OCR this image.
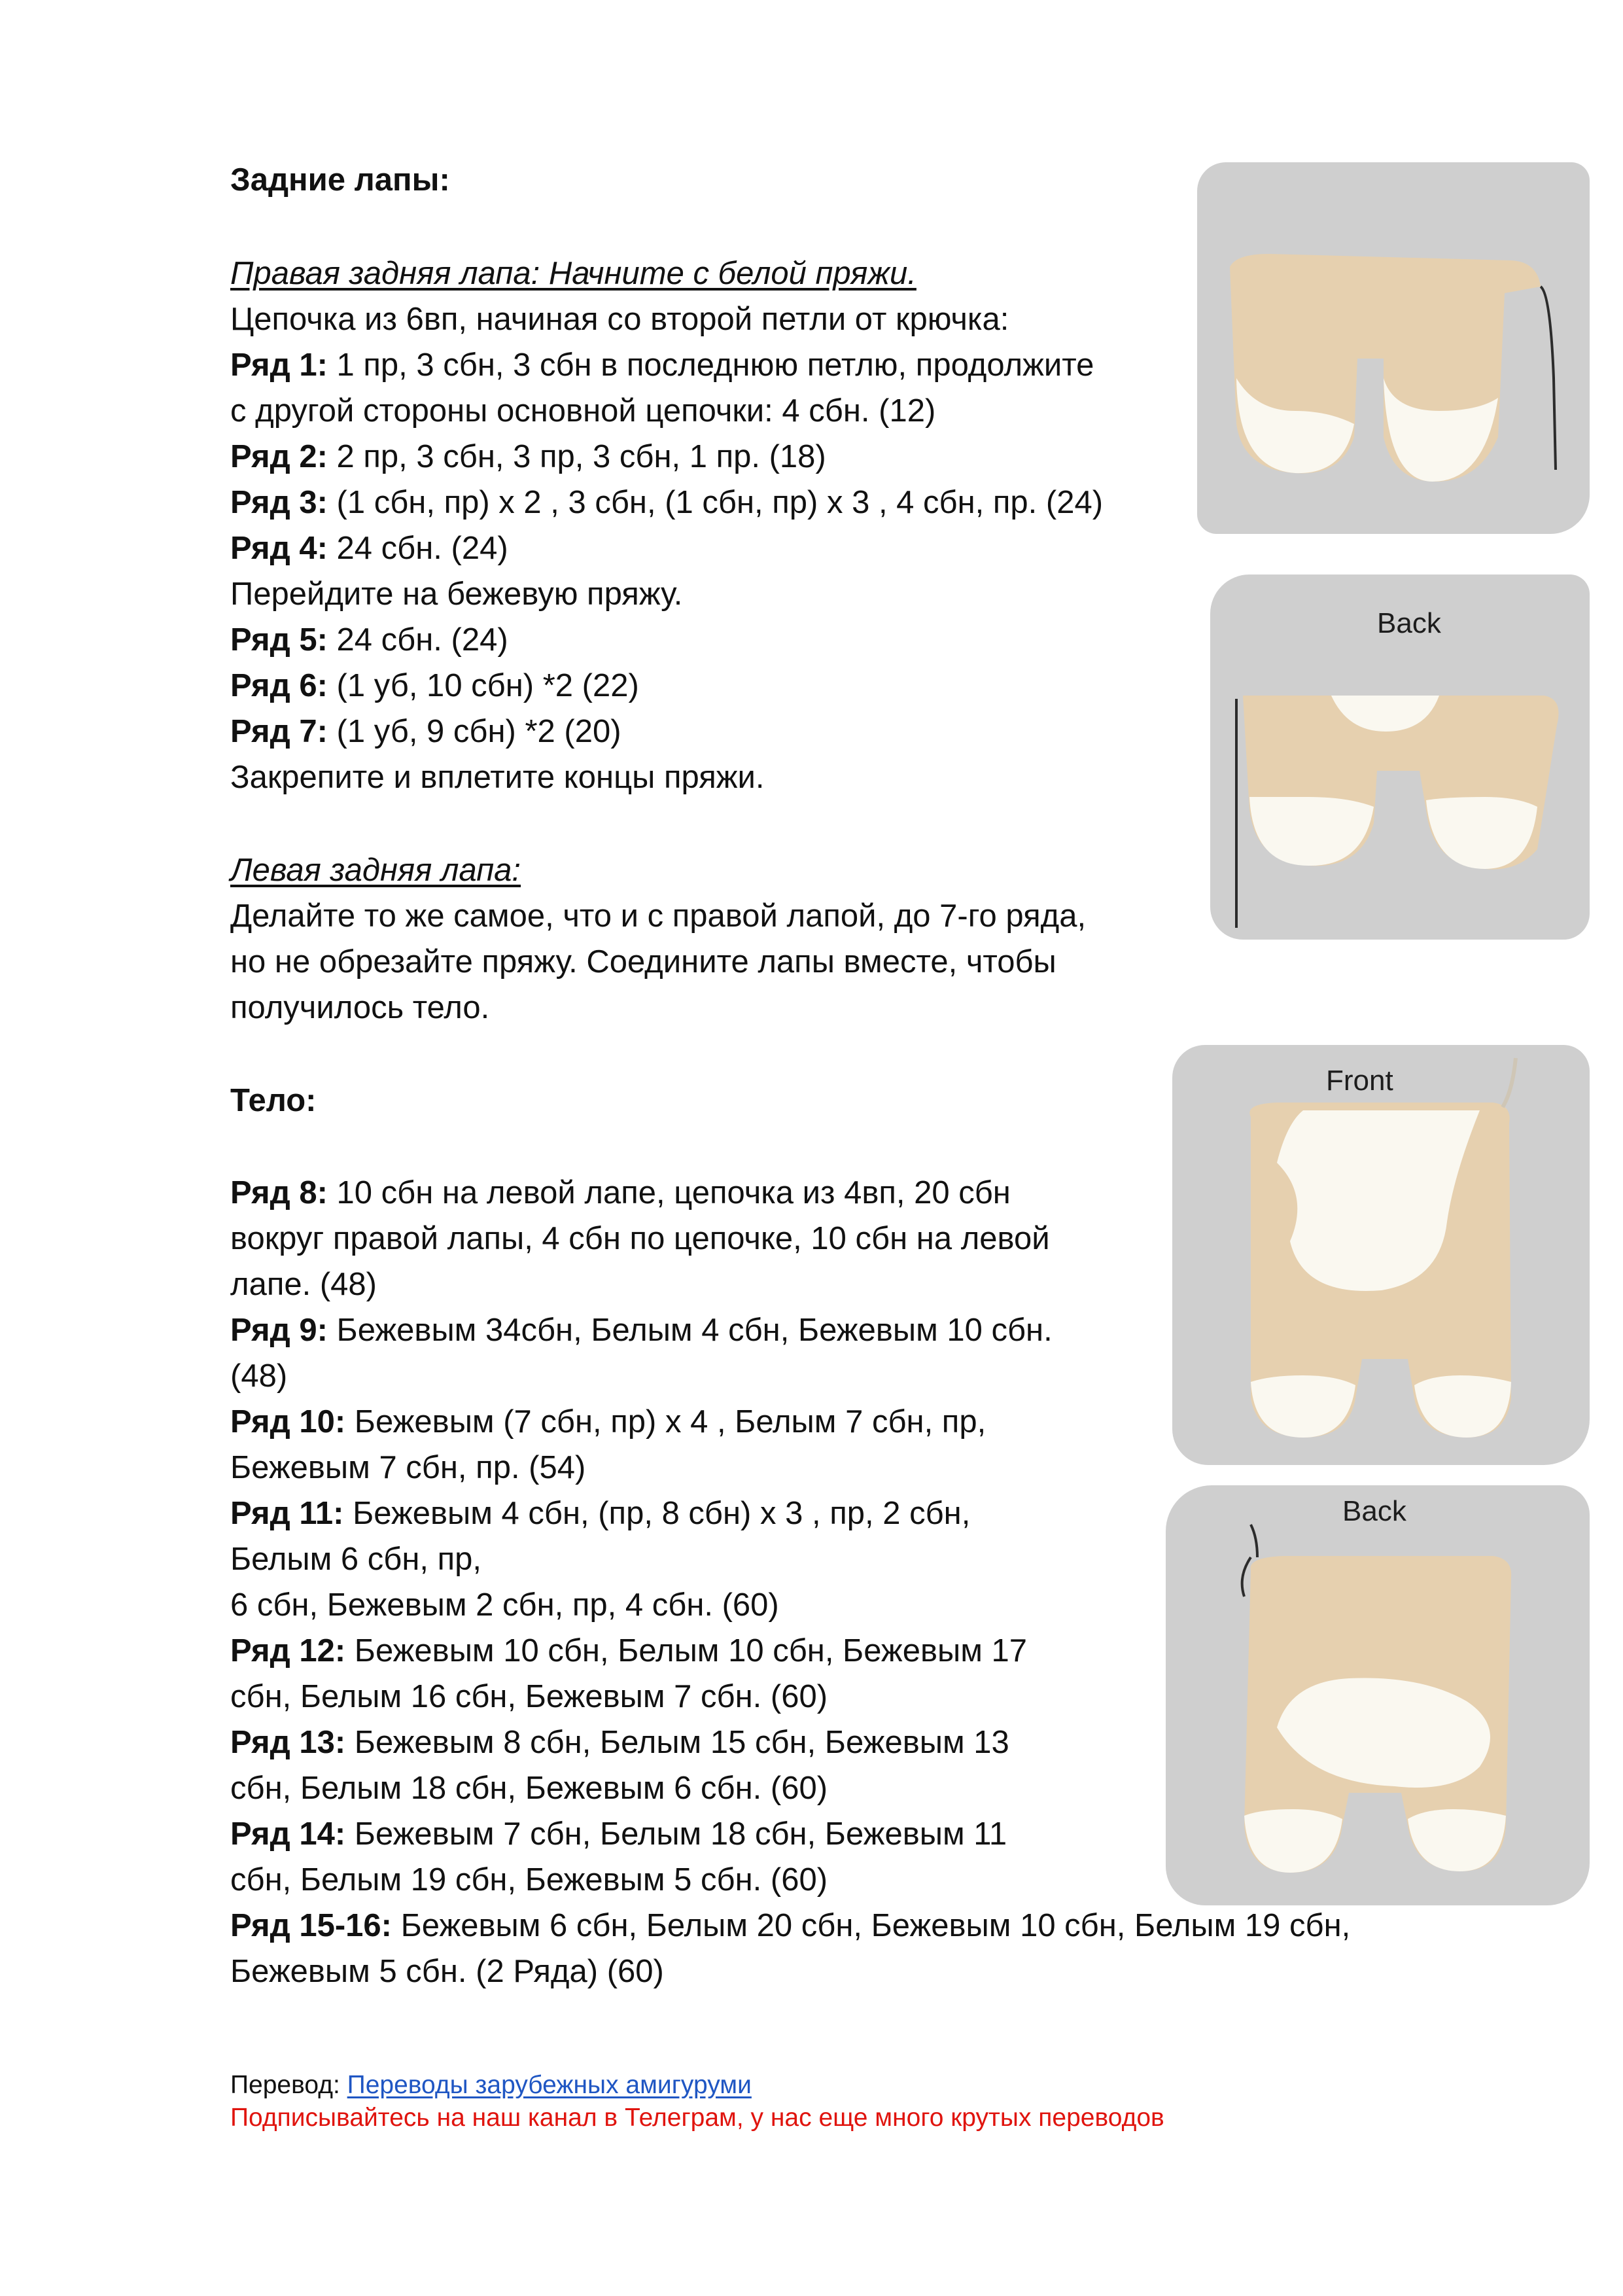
Задние лапы:
Правая задняя лапа: Начните с белой пряжи.
Цепочка из 6вп, начиная со второй петли от крючка:
Ряд 1: 1 пр, 3 сбн, 3 сбн в последнюю петлю, продолжите
с другой стороны основной цепочки: 4 сбн. (12)
Ряд 2: 2 пр, 3 сбн, 3 пр, 3 сбн, 1 пр. (18)
Ряд 3: (1 сбн, пр) х 2 , 3 сбн, (1 сбн, пр) х 3 , 4 сбн, пр. (24)
Ряд 4: 24 сбн. (24)
Перейдите на бежевую пряжу.
Ряд 5: 24 сбн. (24)
Ряд 6: (1 уб, 10 сбн) *2 (22)
Ряд 7: (1 уб, 9 сбн) *2 (20)
Закрепите и вплетите концы пряжи.
Левая задняя лапа:
Делайте то же самое, что и с правой лапой, до 7-го ряда,
но не обрезайте пряжу. Соедините лапы вместе, чтобы
получилось тело.
Тело:
Ряд 8: 10 сбн на левой лапе, цепочка из 4вп, 20 сбн
вокруг правой лапы, 4 сбн по цепочке, 10 сбн на левой
лапе. (48)
Ряд 9: Бежевым 34сбн, Белым 4 сбн, Бежевым 10 сбн.
(48)
Ряд 10: Бежевым (7 сбн, пр) х 4 , Белым 7 сбн, пр,
Бежевым 7 сбн, пр. (54)
Ряд 11: Бежевым 4 сбн, (пр, 8 сбн) х 3 , пр, 2 сбн,
Белым 6 сбн, пр,
6 сбн, Бежевым 2 сбн, пр, 4 сбн. (60)
Ряд 12: Бежевым 10 сбн, Белым 10 сбн, Бежевым 17
сбн, Белым 16 сбн, Бежевым 7 сбн. (60)
Ряд 13: Бежевым 8 сбн, Белым 15 сбн, Бежевым 13
сбн, Белым 18 сбн, Бежевым 6 сбн. (60)
Ряд 14: Бежевым 7 сбн, Белым 18 сбн, Бежевым 11
сбн, Белым 19 сбн, Бежевым 5 сбн. (60)
Ряд 15-16: Бежевым 6 сбн, Белым 20 сбн, Бежевым 10 сбн, Белым 19 сбн,
Бежевым 5 сбн. (2 Ряда) (60)
Перевод: Переводы зарубежных амигуруми
Подписывайтесь на наш канал в Телеграм, у нас еще много крутых переводов
Back
Front
Back
